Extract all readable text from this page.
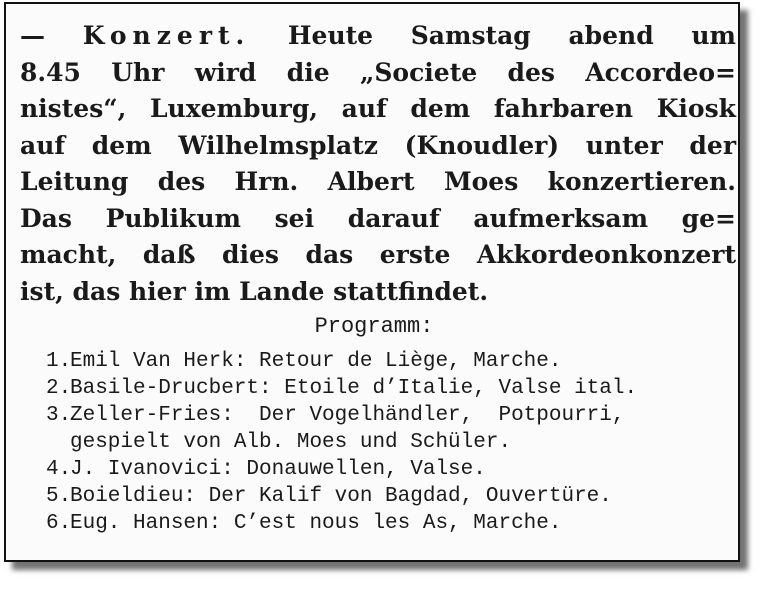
— Konzert. Heute Samstag abend um
8.45 Uhr wird die „Societe des Accordeo=
nistes“, Luxemburg, auf dem fahrbaren Kiosk
auf dem Wilhelmsplatz (Knoudler) unter der
Leitung des Hrn. Albert Moes konzertieren.
Das Publikum sei darauf aufmerksam ge=
macht, daß dies das erste Akkordeonkonzert
ist, das hier im Lande stattfindet.
Programm:
1.
Emil Van Herk: Retour de Liège, Marche.
2.
Basile-Drucbert: Etoile d’Italie, Valse ital.
3.
Zeller-Fries:  Der Vogelhändler,  Potpourri,
gespielt von Alb. Moes und Schüler.
4.
J. Ivanovici: Donauwellen, Valse.
5.
Boieldieu: Der Kalif von Bagdad, Ouvertüre.
6.
Eug. Hansen: C’est nous les As, Marche.
